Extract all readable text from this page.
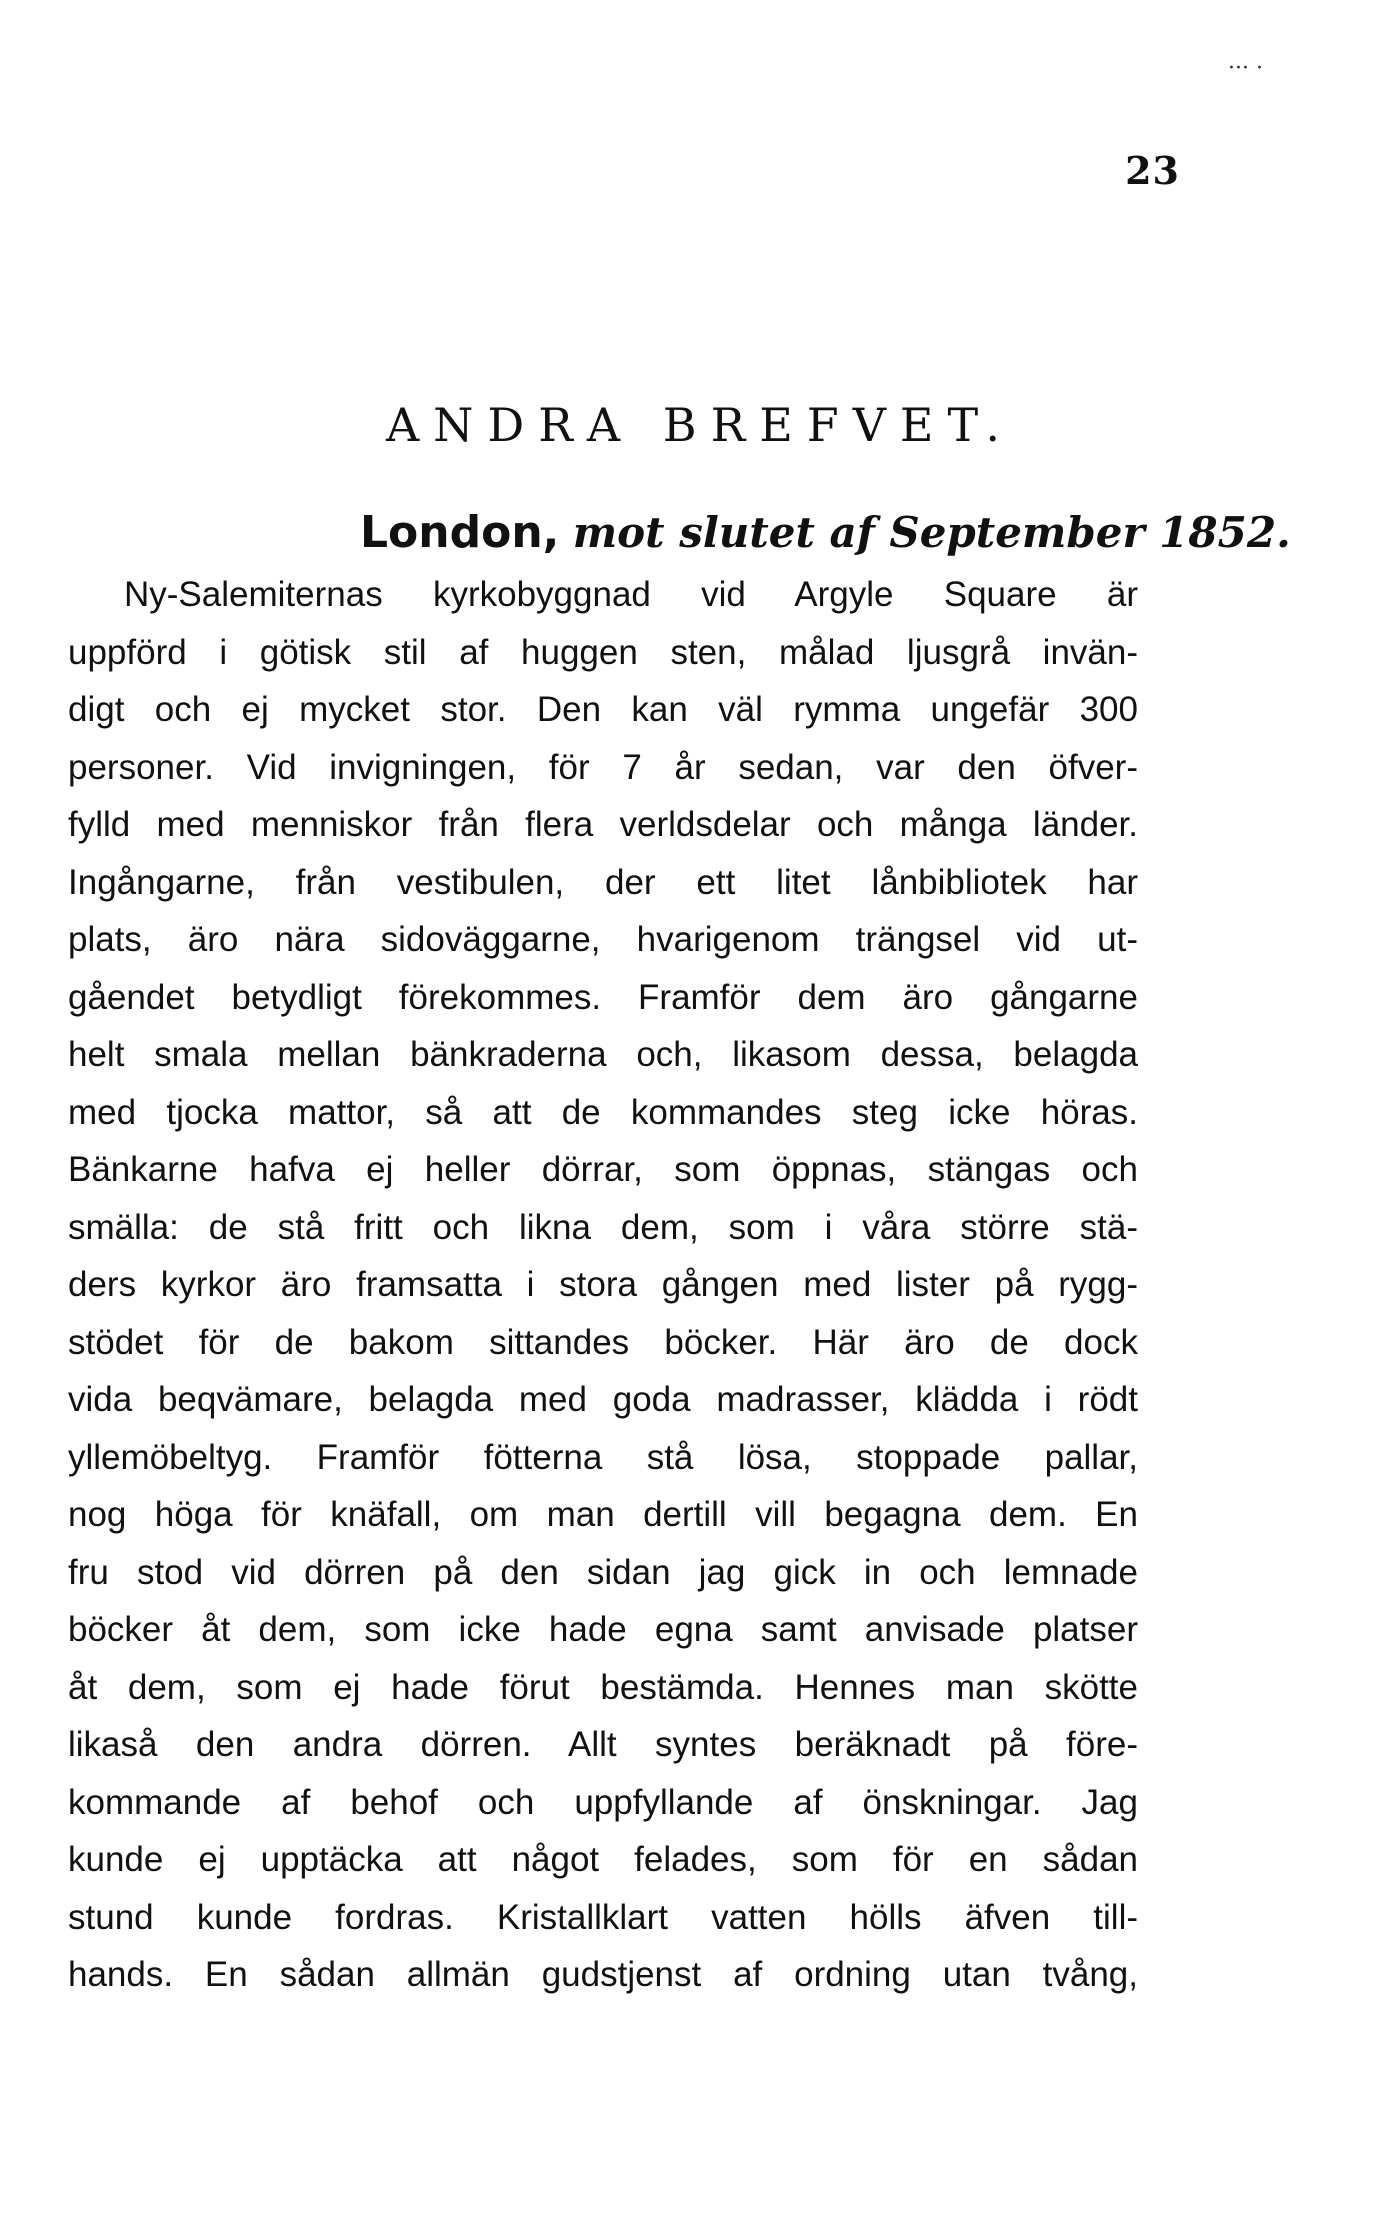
··· ·
23
ANDRA BREFVET.
London, mot slutet af September 1852.
Ny-Salemiternas kyrkobyggnad vid Argyle Square är
uppförd i götisk stil af huggen sten, målad ljusgrå invän-
digt och ej mycket stor. Den kan väl rymma ungefär 300
personer. Vid invigningen, för 7 år sedan, var den öfver-
fylld med menniskor från flera verldsdelar och många länder.
Ingångarne, från vestibulen, der ett litet lånbibliotek har
plats, äro nära sidoväggarne, hvarigenom trängsel vid ut-
gåendet betydligt förekommes. Framför dem äro gångarne
helt smala mellan bänkraderna och, likasom dessa, belagda
med tjocka mattor, så att de kommandes steg icke höras.
Bänkarne hafva ej heller dörrar, som öppnas, stängas och
smälla: de stå fritt och likna dem, som i våra större stä-
ders kyrkor äro framsatta i stora gången med lister på rygg-
stödet för de bakom sittandes böcker. Här äro de dock
vida beqvämare, belagda med goda madrasser, klädda i rödt
yllemöbeltyg. Framför fötterna stå lösa, stoppade pallar,
nog höga för knäfall, om man dertill vill begagna dem. En
fru stod vid dörren på den sidan jag gick in och lemnade
böcker åt dem, som icke hade egna samt anvisade platser
åt dem, som ej hade förut bestämda. Hennes man skötte
likaså den andra dörren. Allt syntes beräknadt på före-
kommande af behof och uppfyllande af önskningar. Jag
kunde ej upptäcka att något felades, som för en sådan
stund kunde fordras. Kristallklart vatten hölls äfven till-
hands. En sådan allmän gudstjenst af ordning utan tvång,
